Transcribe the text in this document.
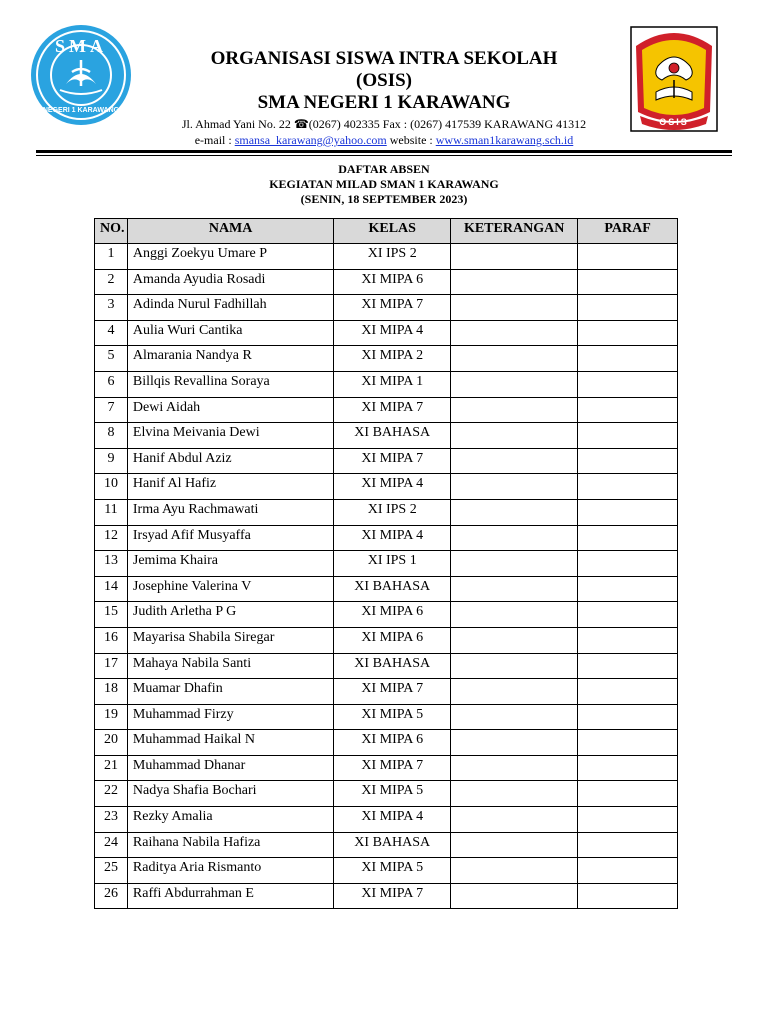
SMA
NEGERI 1 KARAWANG
OSIS
ORGANISASI SISWA INTRA SEKOLAH
(OSIS)
SMA NEGERI 1 KARAWANG
Jl. Ahmad Yani No. 22 ☎(0267) 402335 Fax : (0267) 417539 KARAWANG 41312
e-mail : smansa_karawang@yahoo.com website : www.sman1karawang.sch.id
DAFTAR ABSEN
KEGIATAN MILAD SMAN 1 KARAWANG
(SENIN, 18 SEPTEMBER 2023)
NO.	NAMA	KELAS	KETERANGAN	PARAF
1	Anggi Zoekyu Umare P	XI IPS 2		
2	Amanda Ayudia Rosadi	XI MIPA 6		
3	Adinda Nurul Fadhillah	XI MIPA 7		
4	Aulia Wuri Cantika	XI MIPA 4		
5	Almarania Nandya R	XI MIPA 2		
6	Billqis Revallina Soraya	XI MIPA 1		
7	Dewi Aidah	XI MIPA 7		
8	Elvina Meivania Dewi	XI BAHASA		
9	Hanif Abdul Aziz	XI MIPA 7		
10	Hanif Al Hafiz	XI MIPA 4		
11	Irma Ayu Rachmawati	XI IPS 2		
12	Irsyad Afif Musyaffa	XI MIPA 4		
13	Jemima Khaira	XI IPS 1		
14	Josephine Valerina V	XI BAHASA		
15	Judith Arletha P G	XI MIPA 6		
16	Mayarisa Shabila Siregar	XI MIPA 6		
17	Mahaya Nabila Santi	XI BAHASA		
18	Muamar Dhafin	XI MIPA 7		
19	Muhammad Firzy	XI MIPA 5		
20	Muhammad Haikal N	XI MIPA 6		
21	Muhammad Dhanar	XI MIPA 7		
22	Nadya Shafia Bochari	XI MIPA 5		
23	Rezky Amalia	XI MIPA 4		
24	Raihana Nabila Hafiza	XI BAHASA		
25	Raditya Aria Rismanto	XI MIPA 5		
26	Raffi Abdurrahman E	XI MIPA 7		
